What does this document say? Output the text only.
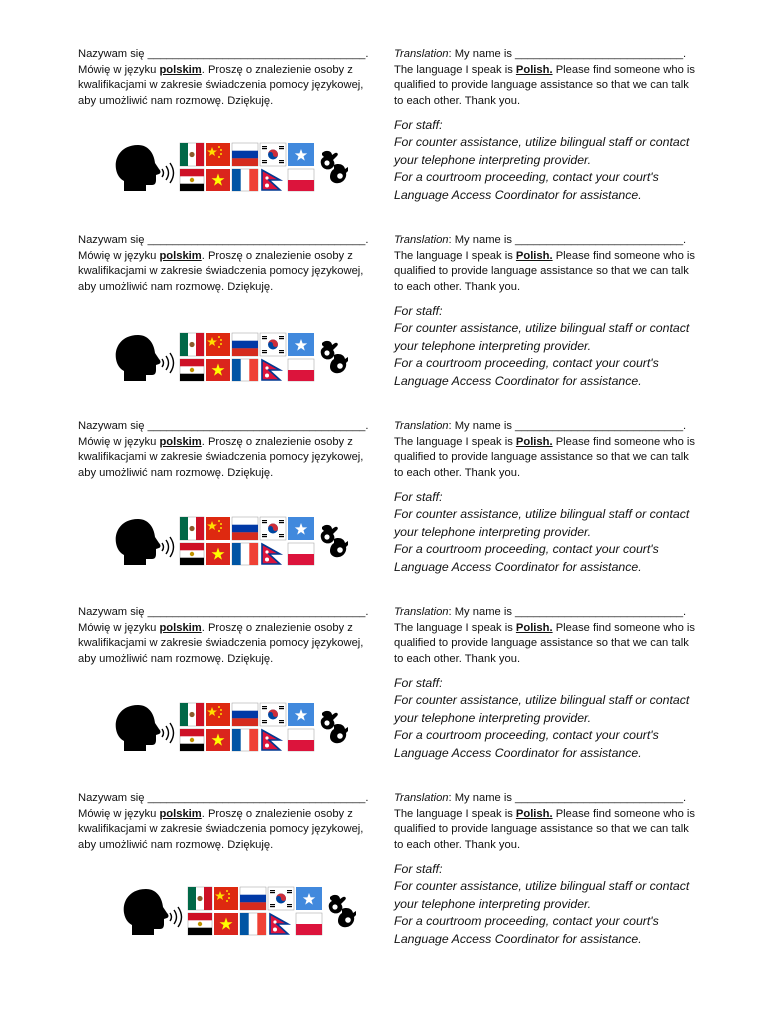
Nazywam się ___________________________________.
Mówię w języku polskim. Proszę o znalezienie osoby z
kwalifikacjami w zakresie świadczenia pomocy językowej,
aby umożliwić nam rozmowę. Dziękuję.
Translation: My name is ___________________________.
The language I speak is Polish. Please find someone who is
qualified to provide language assistance so that we can talk
to each other. Thank you.
For staff:
For counter assistance, utilize bilingual staff or contact
your telephone interpreting provider.
For a courtroom proceeding, contact your court's
Language Access Coordinator for assistance.
Nazywam się ___________________________________.
Mówię w języku polskim. Proszę o znalezienie osoby z
kwalifikacjami w zakresie świadczenia pomocy językowej,
aby umożliwić nam rozmowę. Dziękuję.
Translation: My name is ___________________________.
The language I speak is Polish. Please find someone who is
qualified to provide language assistance so that we can talk
to each other. Thank you.
For staff:
For counter assistance, utilize bilingual staff or contact
your telephone interpreting provider.
For a courtroom proceeding, contact your court's
Language Access Coordinator for assistance.
Nazywam się ___________________________________.
Mówię w języku polskim. Proszę o znalezienie osoby z
kwalifikacjami w zakresie świadczenia pomocy językowej,
aby umożliwić nam rozmowę. Dziękuję.
Translation: My name is ___________________________.
The language I speak is Polish. Please find someone who is
qualified to provide language assistance so that we can talk
to each other. Thank you.
For staff:
For counter assistance, utilize bilingual staff or contact
your telephone interpreting provider.
For a courtroom proceeding, contact your court's
Language Access Coordinator for assistance.
Nazywam się ___________________________________.
Mówię w języku polskim. Proszę o znalezienie osoby z
kwalifikacjami w zakresie świadczenia pomocy językowej,
aby umożliwić nam rozmowę. Dziękuję.
Translation: My name is ___________________________.
The language I speak is Polish. Please find someone who is
qualified to provide language assistance so that we can talk
to each other. Thank you.
For staff:
For counter assistance, utilize bilingual staff or contact
your telephone interpreting provider.
For a courtroom proceeding, contact your court's
Language Access Coordinator for assistance.
Nazywam się ___________________________________.
Mówię w języku polskim. Proszę o znalezienie osoby z
kwalifikacjami w zakresie świadczenia pomocy językowej,
aby umożliwić nam rozmowę. Dziękuję.
Translation: My name is ___________________________.
The language I speak is Polish. Please find someone who is
qualified to provide language assistance so that we can talk
to each other. Thank you.
For staff:
For counter assistance, utilize bilingual staff or contact
your telephone interpreting provider.
For a courtroom proceeding, contact your court's
Language Access Coordinator for assistance.
